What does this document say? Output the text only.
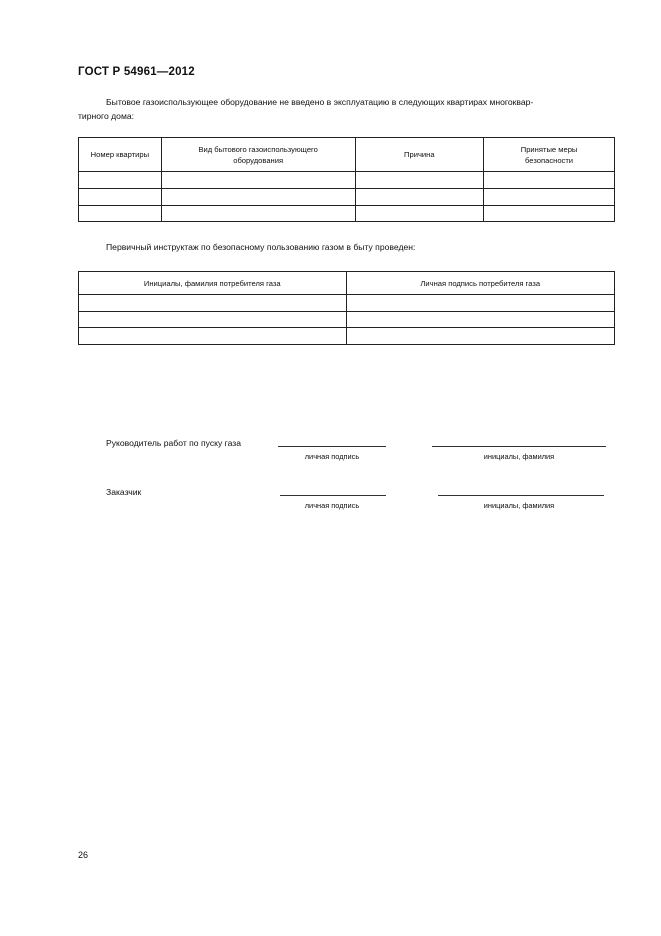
ГОСТ Р 54961—2012
Бытовое газоиспользующее оборудование не введено в эксплуатацию в следующих квартирах многоквар-
тирного дома:
Номер квартиры	Вид бытового газоиспользующего оборудования	Причина	Принятые меры безопасности

Первичный инструктаж по безопасному пользованию газом в быту проведен:
Инициалы, фамилия потребителя газа	Личная подпись потребителя газа

Руководитель работ по пуску газа
личная подпись	инициалы, фамилия
Заказчик
личная подпись	инициалы, фамилия
26
